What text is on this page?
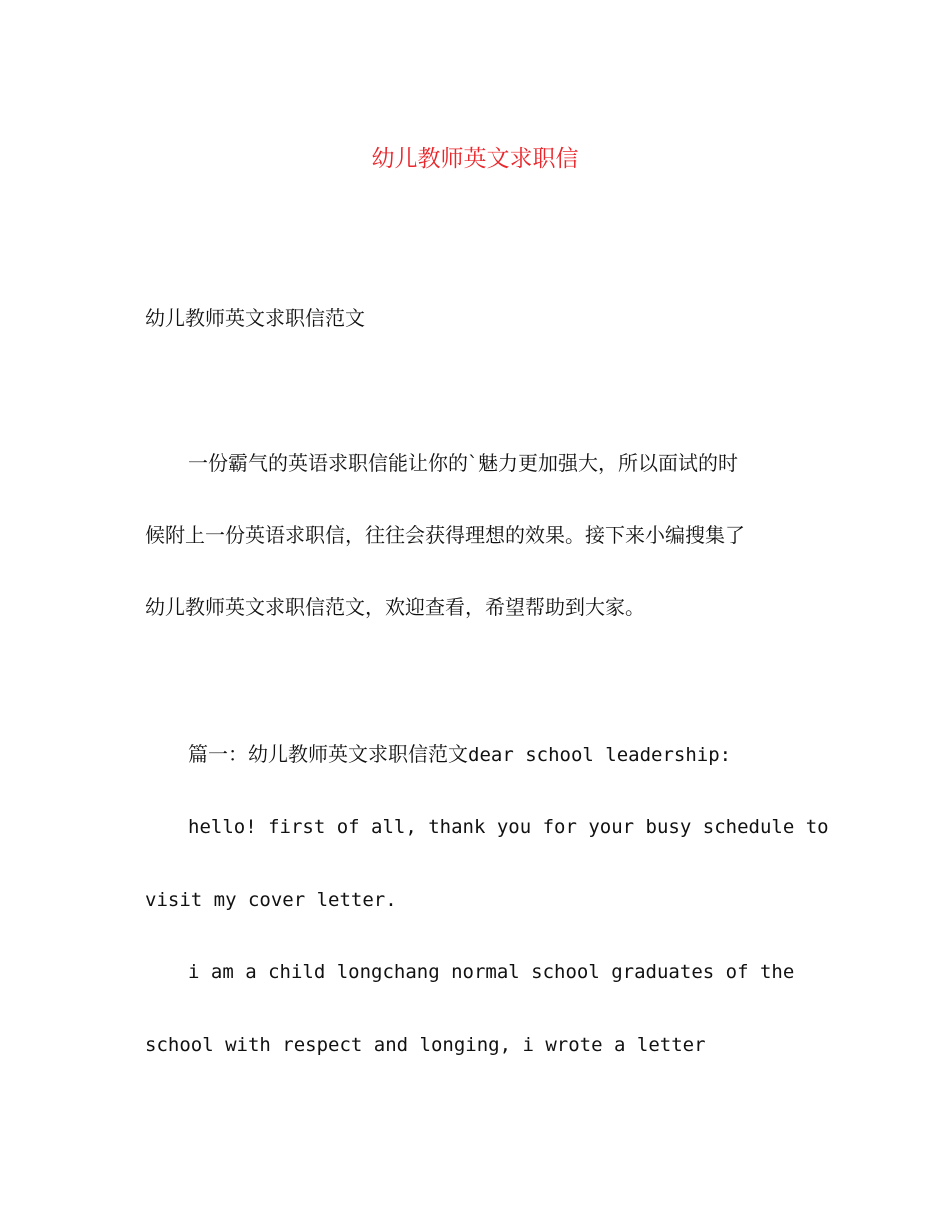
幼儿教师英文求职信
幼儿教师英文求职信范文
一份霸气的英语求职信能让你的`魅力更加强大，所以面试的时
候附上一份英语求职信，往往会获得理想的效果。接下来小编搜集了
幼儿教师英文求职信范文，欢迎查看，希望帮助到大家。
篇一：幼儿教师英文求职信范文dear school leadership:
hello! first of all, thank you for your busy schedule to
visit my cover letter.
i am a child longchang normal school graduates of the
school with respect and longing, i wrote a letter
